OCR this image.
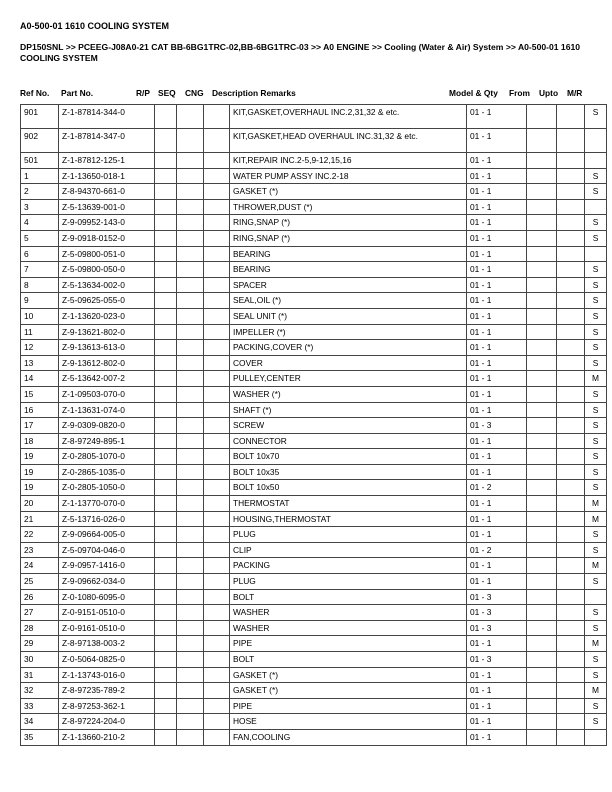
A0-500-01 1610 COOLING SYSTEM
DP150SNL >> PCEEG-J08A0-21 CAT BB-6BG1TRC-02,BB-6BG1TRC-03 >> A0 ENGINE >> Cooling (Water & Air) System >> A0-500-01 1610 COOLING SYSTEM
Ref No. Part No.	R/P SEQ CNG Description Remarks	Model & Qty From Upto M/R
901	Z-1-87814-344-0				KIT,GASKET,OVERHAUL INC.2,31,32 & etc.	01 - 1			S
902	Z-1-87814-347-0				KIT,GASKET,HEAD OVERHAUL INC.31,32 & etc.	01 - 1			
501	Z-1-87812-125-1				KIT,REPAIR INC.2-5,9-12,15,16	01 - 1			
1	Z-1-13650-018-1				WATER PUMP ASSY INC.2-18	01 - 1			S
2	Z-8-94370-661-0				GASKET (*)	01 - 1			S
3	Z-5-13639-001-0				THROWER,DUST (*)	01 - 1			
4	Z-9-09952-143-0				RING,SNAP (*)	01 - 1			S
5	Z-9-0918-0152-0				RING,SNAP (*)	01 - 1			S
6	Z-5-09800-051-0				BEARING	01 - 1			
7	Z-5-09800-050-0				BEARING	01 - 1			S
8	Z-5-13634-002-0				SPACER	01 - 1			S
9	Z-5-09625-055-0				SEAL,OIL (*)	01 - 1			S
10	Z-1-13620-023-0				SEAL UNIT (*)	01 - 1			S
11	Z-9-13621-802-0				IMPELLER (*)	01 - 1			S
12	Z-9-13613-613-0				PACKING,COVER (*)	01 - 1			S
13	Z-9-13612-802-0				COVER	01 - 1			S
14	Z-5-13642-007-2				PULLEY,CENTER	01 - 1			M
15	Z-1-09503-070-0				WASHER (*)	01 - 1			S
16	Z-1-13631-074-0				SHAFT (*)	01 - 1			S
17	Z-9-0309-0820-0				SCREW	01 - 3			S
18	Z-8-97249-895-1				CONNECTOR	01 - 1			S
19	Z-0-2805-1070-0				BOLT 10x70	01 - 1			S
19	Z-0-2865-1035-0				BOLT 10x35	01 - 1			S
19	Z-0-2805-1050-0				BOLT 10x50	01 - 2			S
20	Z-1-13770-070-0				THERMOSTAT	01 - 1			M
21	Z-5-13716-026-0				HOUSING,THERMOSTAT	01 - 1			M
22	Z-9-09664-005-0				PLUG	01 - 1			S
23	Z-5-09704-046-0				CLIP	01 - 2			S
24	Z-9-0957-1416-0				PACKING	01 - 1			M
25	Z-9-09662-034-0				PLUG	01 - 1			S
26	Z-0-1080-6095-0				BOLT	01 - 3			
27	Z-0-9151-0510-0				WASHER	01 - 3			S
28	Z-0-9161-0510-0				WASHER	01 - 3			S
29	Z-8-97138-003-2				PIPE	01 - 1			M
30	Z-0-5064-0825-0				BOLT	01 - 3			S
31	Z-1-13743-016-0				GASKET (*)	01 - 1			S
32	Z-8-97235-789-2				GASKET (*)	01 - 1			M
33	Z-8-97253-362-1				PIPE	01 - 1			S
34	Z-8-97224-204-0				HOSE	01 - 1			S
35	Z-1-13660-210-2				FAN,COOLING	01 - 1			
